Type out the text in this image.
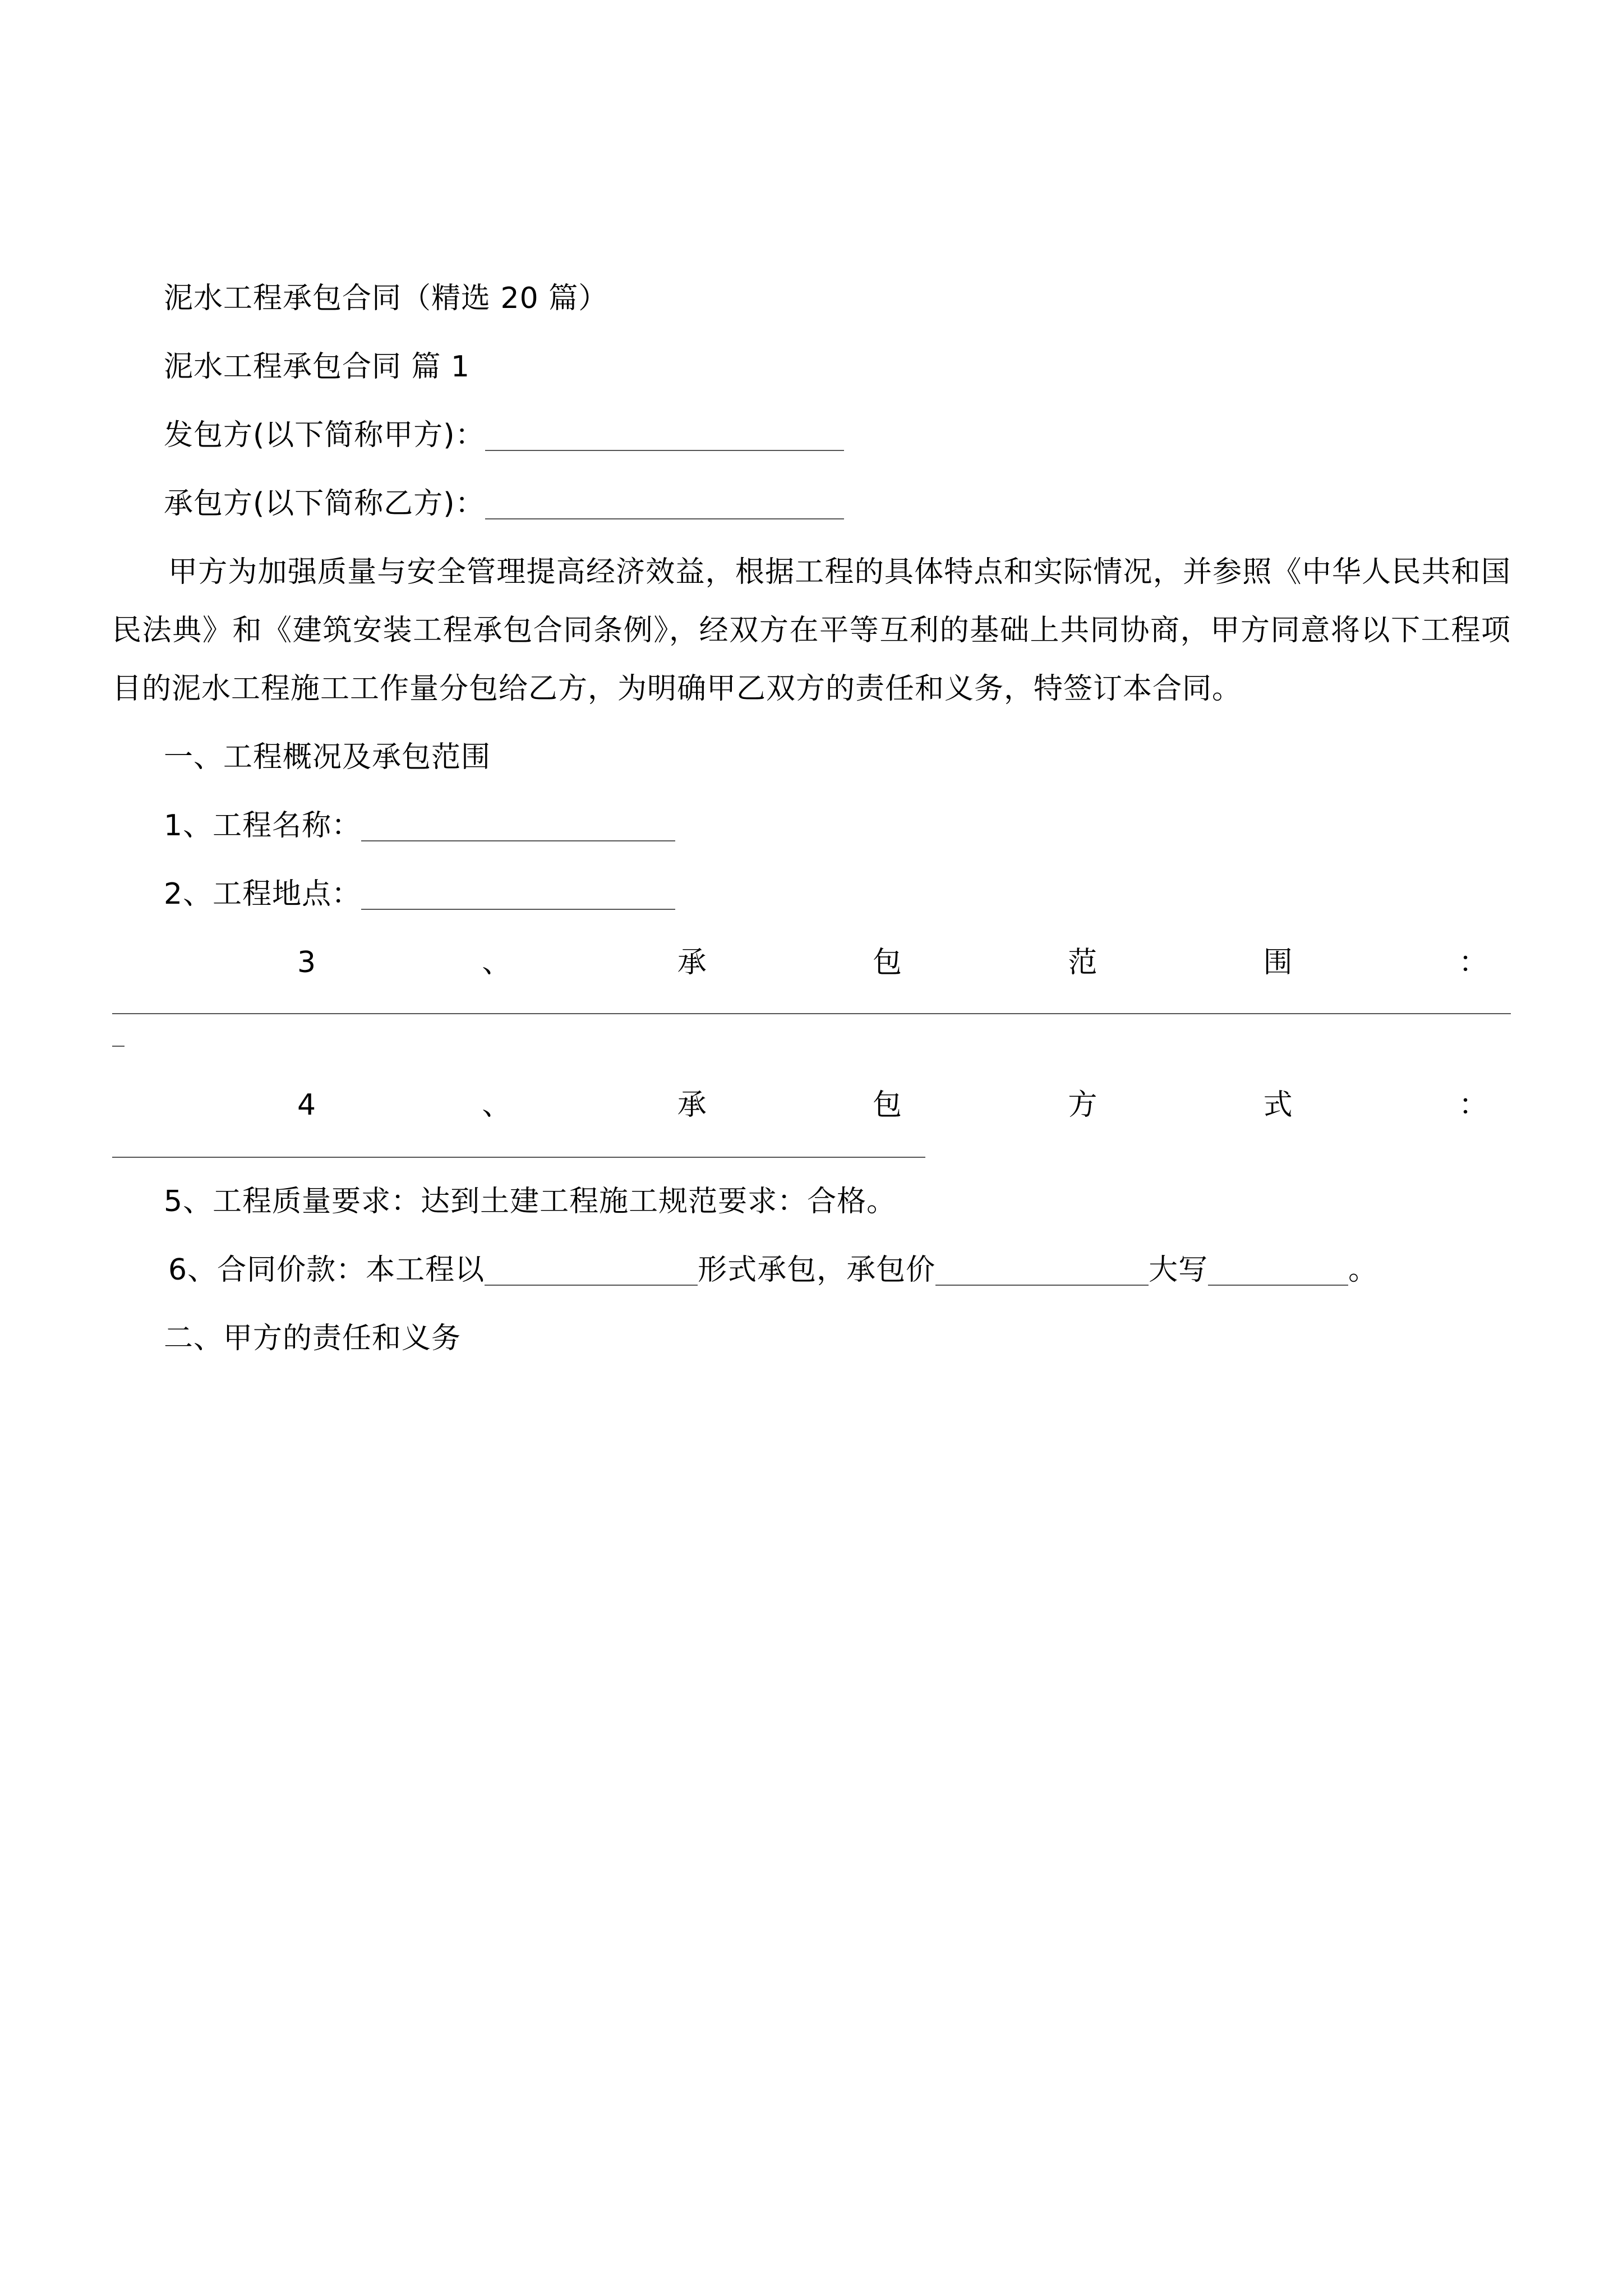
泥水工程承包合同（精选 20 篇）
泥水工程承包合同 篇 1
发包方(以下简称甲方)：
承包方(以下简称乙方)：
甲方为加强质量与安全管理提高经济效益，根据工程的具体特点和实际情况，并参照《中华人民共和国民法典》和《建筑安装工程承包合同条例》，经双方在平等互利的基础上共同协商，甲方同意将以下工程项目的泥水工程施工工作量分包给乙方，为明确甲乙双方的责任和义务，特签订本合同。
一、工程概况及承包范围
1、工程名称：
2、工程地点：
3、承包范围：
4、承包方式：
5、工程质量要求：达到土建工程施工规范要求：合格。
6、合同价款：本工程以	形式承包，承包价	大写	。
二、甲方的责任和义务
